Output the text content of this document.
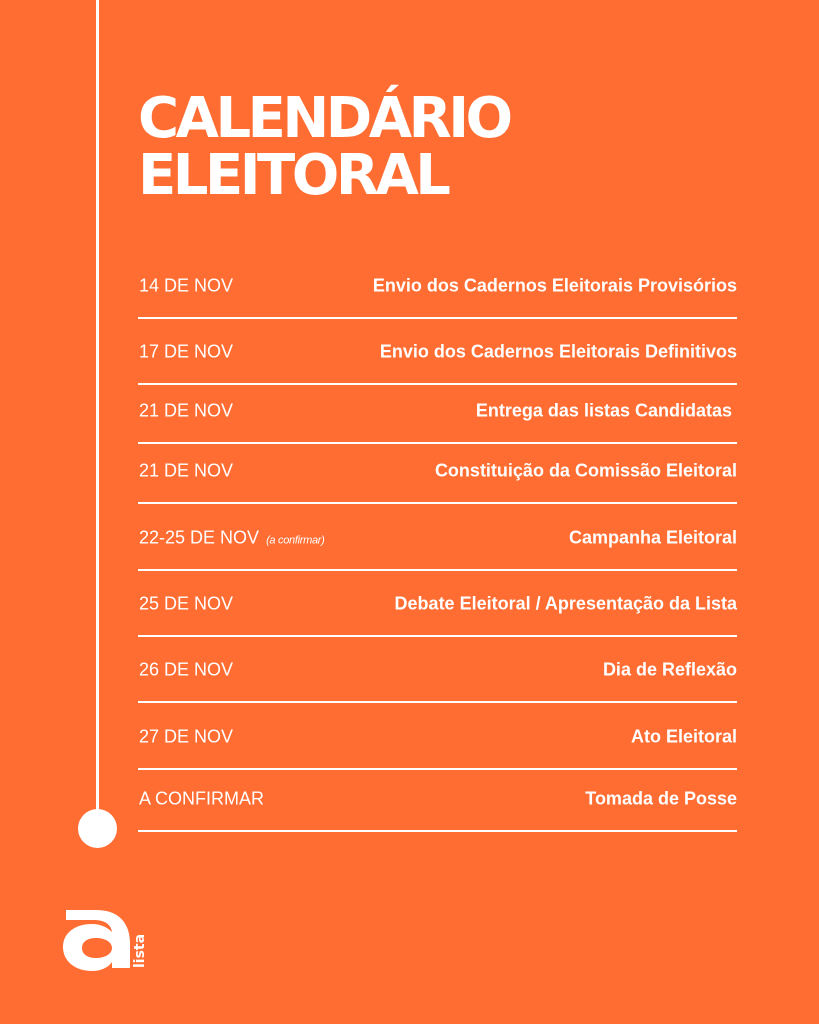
CALENDÁRIO
ELEITORAL
14 DE NOV	Envio dos Cadernos Eleitorais Provisórios
17 DE NOV	Envio dos Cadernos Eleitorais Definitivos
21 DE NOV	Entrega das listas Candidatas
21 DE NOV	Constituição da Comissão Eleitoral
22-25 DE NOV (a confirmar)	Campanha Eleitoral
25 DE NOV	Debate Eleitoral / Apresentação da Lista
26 DE NOV	Dia de Reflexão
27 DE NOV	Ato Eleitoral
A CONFIRMAR	Tomada de Posse
lista
